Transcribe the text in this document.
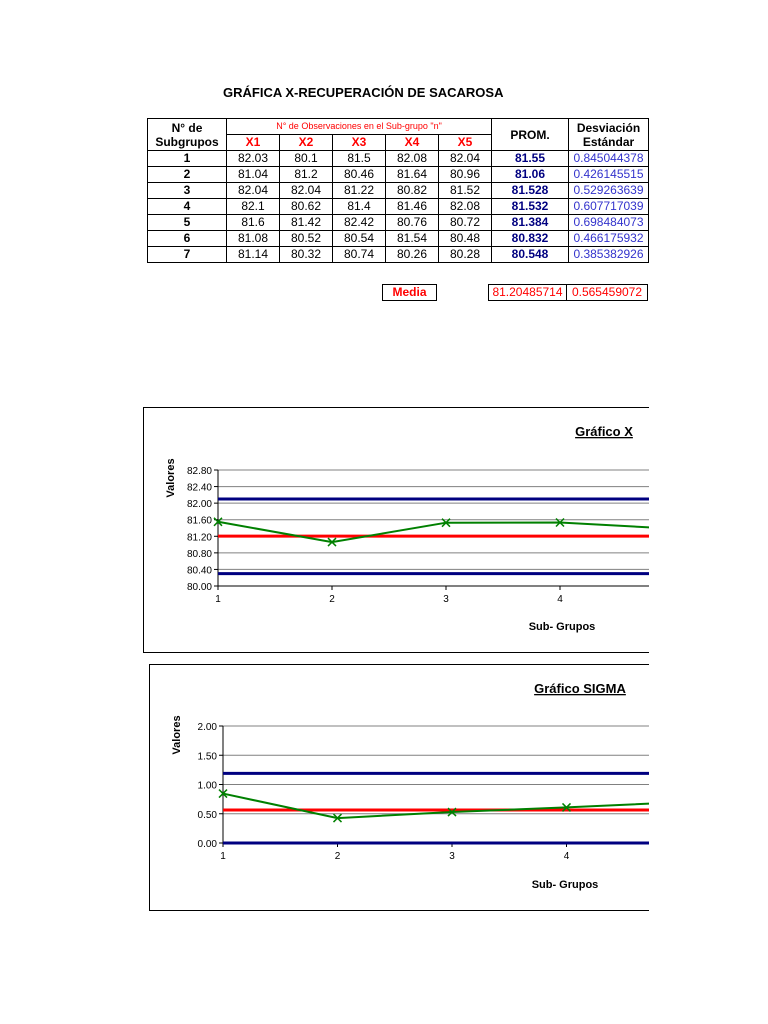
GRÁFICA X-RECUPERACIÓN DE SACAROSA
N° de Subgrupos	N° de Observaciones en el Sub-grupo "n"					PROM.	Desviación Estándar
	X1	X2	X3	X4	X5		
1	82.03	80.1	81.5	82.08	82.04	81.55	0.845044378
2	81.04	81.2	80.46	81.64	80.96	81.06	0.426145515
3	82.04	82.04	81.22	80.82	81.52	81.528	0.529263639
4	82.1	80.62	81.4	81.46	82.08	81.532	0.607717039
5	81.6	81.42	82.42	80.76	80.72	81.384	0.698484073
6	81.08	80.52	80.54	81.54	80.48	80.832	0.466175932
7	81.14	80.32	80.74	80.26	80.28	80.548	0.385382926
Media	81.20485714 0.565459072
80.00
80.40
80.80
81.20
81.60
82.00
82.40
82.80
1	2	3	4
Gráfico X
Sub- Grupos
Valores
0.00
0.50
1.00
1.50
2.00
1	2	3	4
Gráfico SIGMA
Sub- Grupos
Valores
